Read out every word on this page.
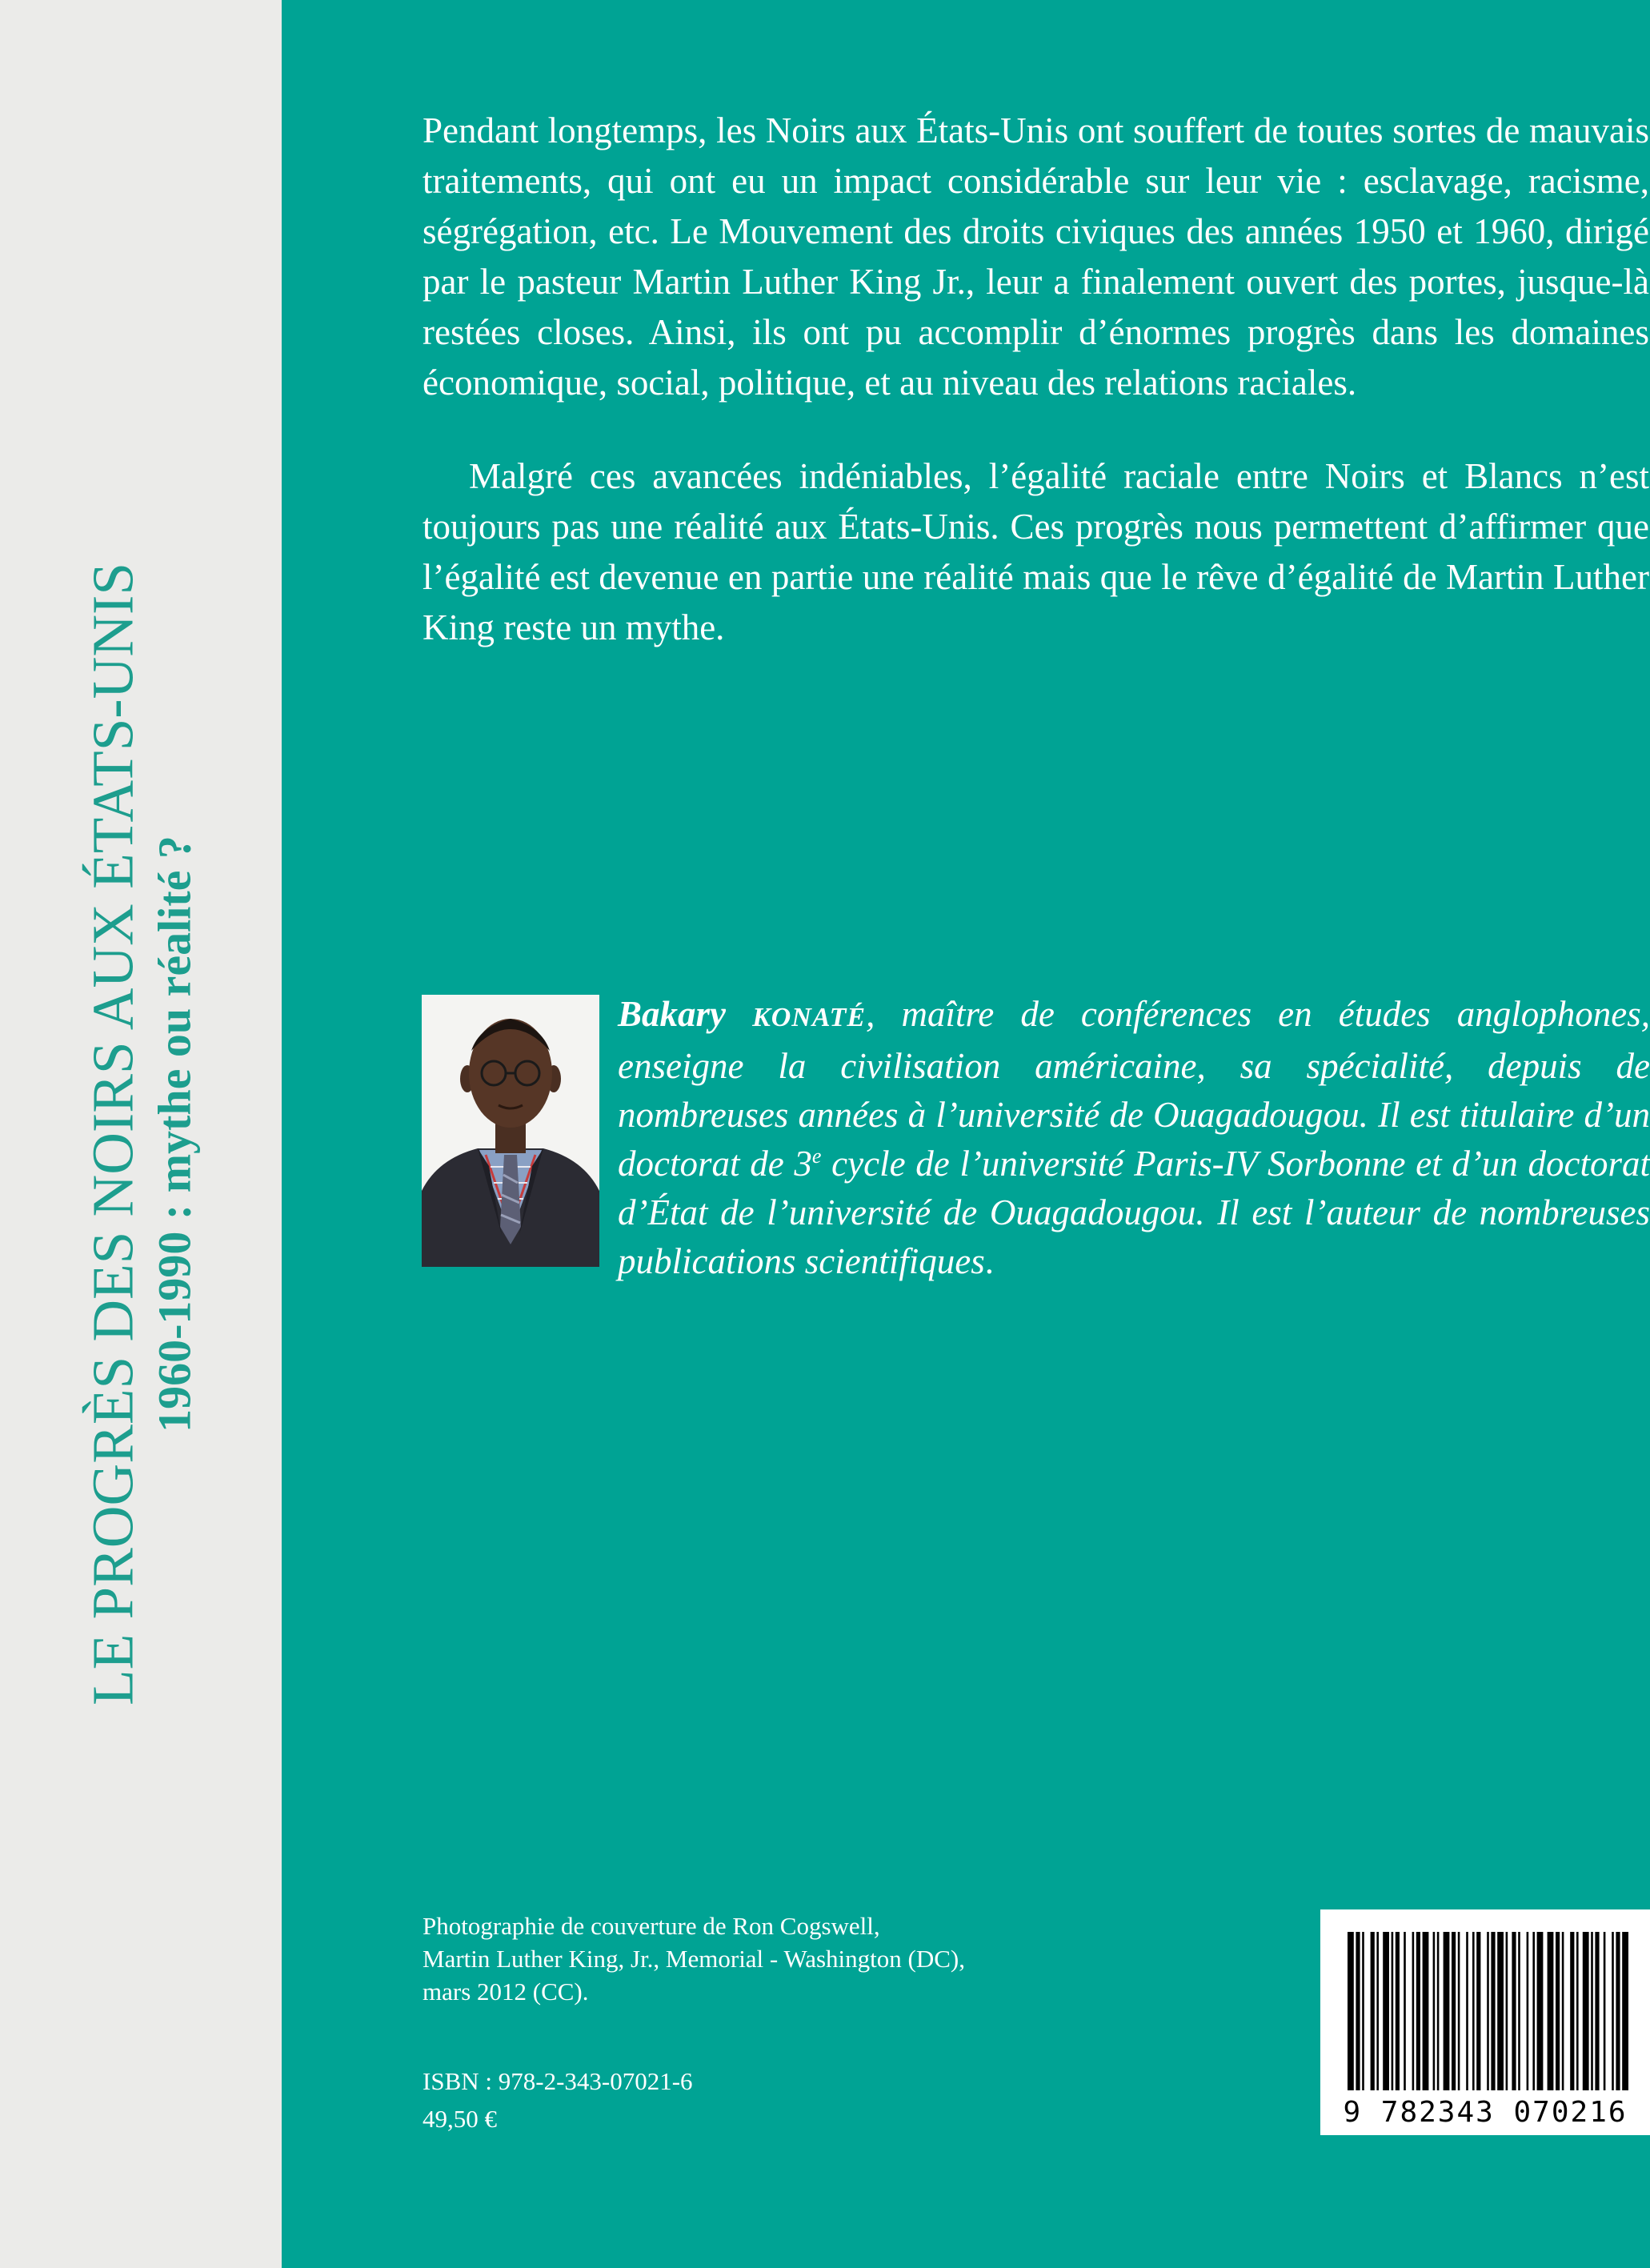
LE PROGRÈS DES NOIRS AUX ÉTATS-UNIS 1960-1990 : mythe ou réalité ?

Pendant longtemps, les Noirs aux États-Unis ont souffert de toutes sortes de mauvais traitements, qui ont eu un impact considérable sur leur vie : esclavage, racisme, ségrégation, etc. Le Mouvement des droits civiques des années 1950 et 1960, dirigé par le pasteur Martin Luther King Jr., leur a finalement ouvert des portes, jusque-là restées closes. Ainsi, ils ont pu accomplir d’énormes progrès dans les domaines économique, social, politique, et au niveau des relations raciales.

Malgré ces avancées indéniables, l’égalité raciale entre Noirs et Blancs n’est toujours pas une réalité aux États-Unis. Ces progrès nous permettent d’affirmer que l’égalité est devenue en partie une réalité mais que le rêve d’égalité de Martin Luther King reste un mythe.

Bakary KONATÉ, maître de conférences en études anglophones, enseigne la civilisation américaine, sa spécialité, depuis de nombreuses années à l’université de Ouagadougou. Il est titulaire d’un doctorat de 3e cycle de l’université Paris-IV Sorbonne et d’un doctorat d’État de l’université de Ouagadougou. Il est l’auteur de nombreuses publications scientifiques.
Photographie de couverture de Ron Cogswell,
Martin Luther King, Jr., Memorial - Washington (DC),
mars 2012 (CC).
ISBN : 978-2-343-07021-6
49,50 €	9 782343 070216
